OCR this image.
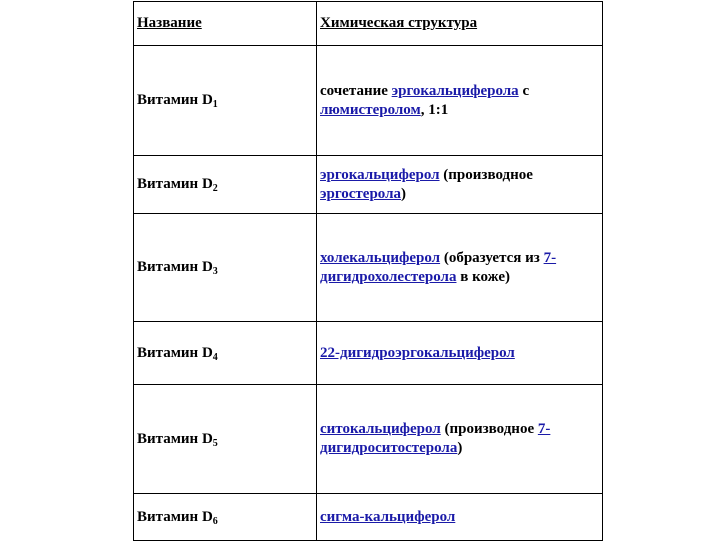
Название	Химическая структура
Витамин $D_1$	сочетание эргокальциферола с люмистеролом, 1:1
Витамин $D_2$	эргокальциферол (производное эргостерола)
Витамин $D_3$	холекальциферол (образуется из 7-дигидрохолестерола в коже)
Витамин $D_4$	22-дигидроэргокальциферол
Витамин $D_5$	ситокальциферол (производное 7-дигидроситостерола)
Витамин $D_6$	сигма-кальциферол
